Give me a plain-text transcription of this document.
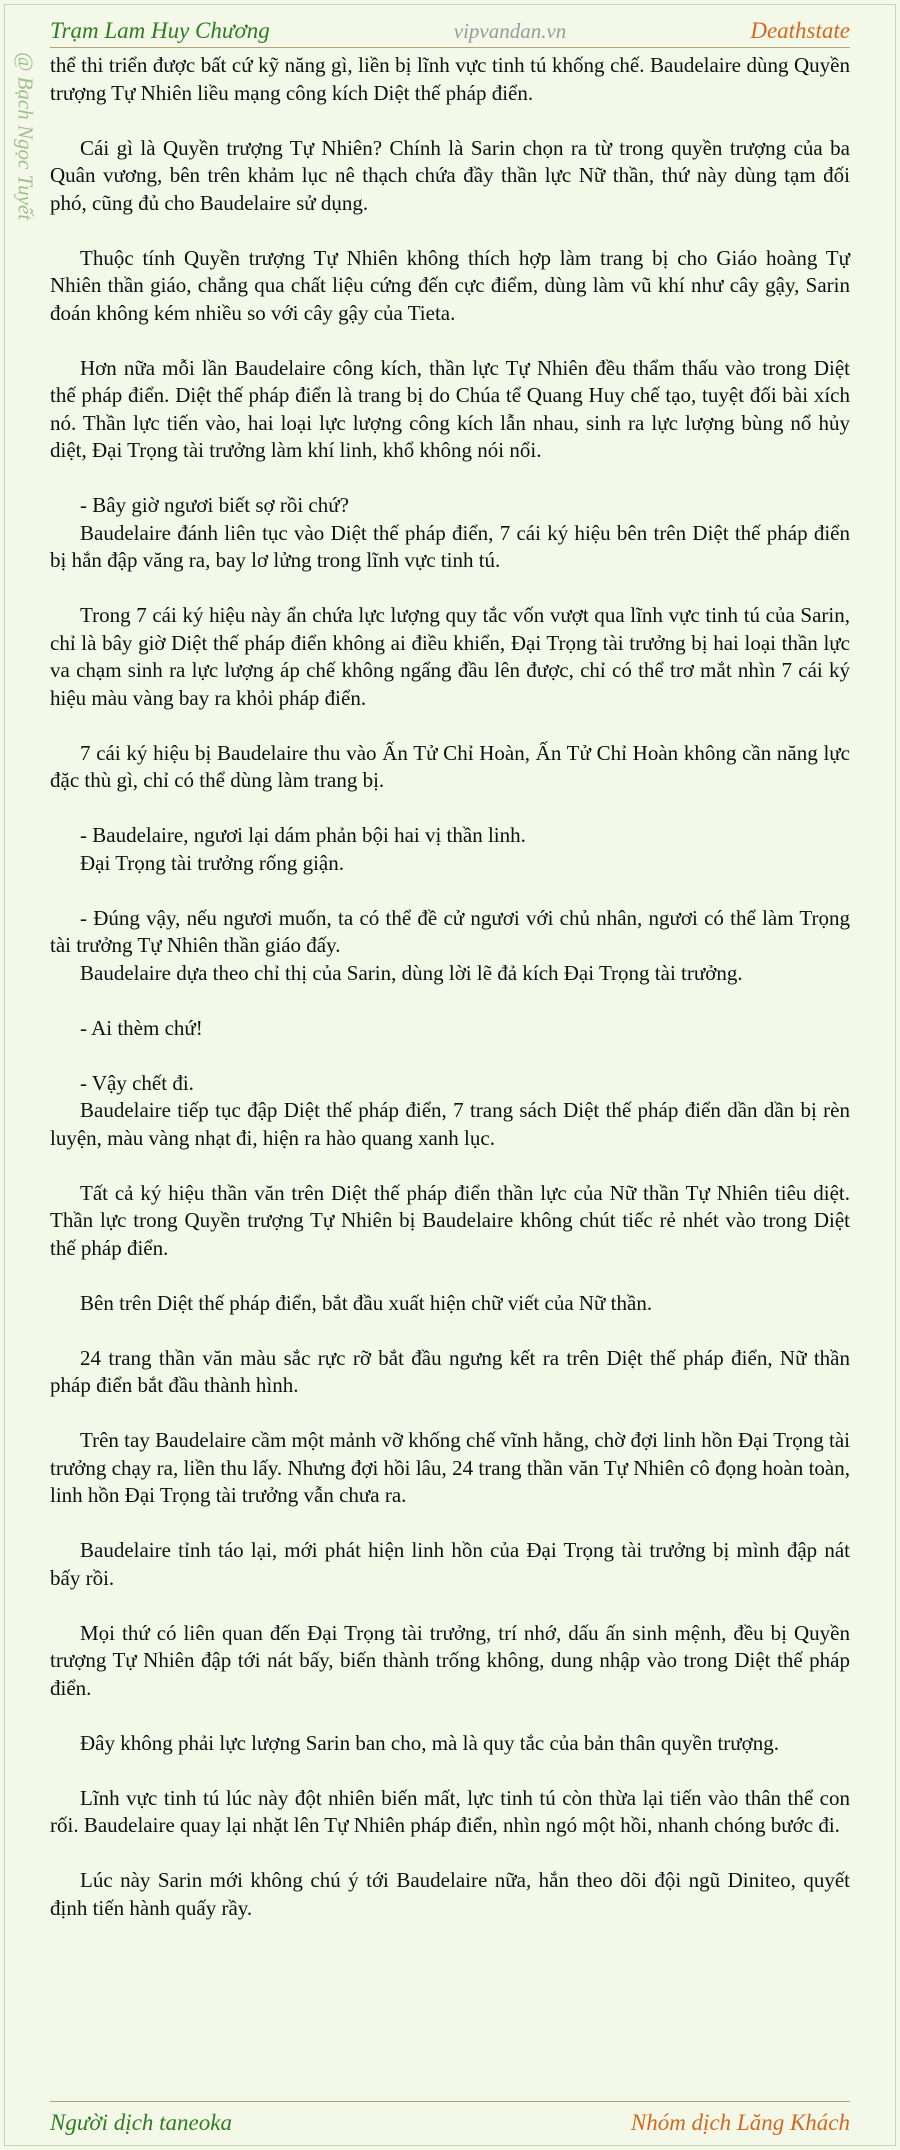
Trạm Lam Huy Chương	vipvandan.vn	Deathstate
@ Bạch Ngọc Tuyết thể thi triển được bất cứ kỹ năng gì, liền bị lĩnh vực tinh tú khống chế. Baudelaire dùng Quyền trượng Tự Nhiên liều mạng công kích Diệt thế pháp điển.

Cái gì là Quyền trượng Tự Nhiên? Chính là Sarin chọn ra từ trong quyền trượng của ba Quân vương, bên trên khảm lục nê thạch chứa đầy thần lực Nữ thần, thứ này dùng tạm đối phó, cũng đủ cho Baudelaire sử dụng.

Thuộc tính Quyền trượng Tự Nhiên không thích hợp làm trang bị cho Giáo hoàng Tự Nhiên thần giáo, chẳng qua chất liệu cứng đến cực điểm, dùng làm vũ khí như cây gậy, Sarin đoán không kém nhiều so với cây gậy của Tieta.

Hơn nữa mỗi lần Baudelaire công kích, thần lực Tự Nhiên đều thẩm thấu vào trong Diệt thế pháp điển. Diệt thế pháp điển là trang bị do Chúa tể Quang Huy chế tạo, tuyệt đối bài xích nó. Thần lực tiến vào, hai loại lực lượng công kích lẫn nhau, sinh ra lực lượng bùng nổ hủy diệt, Đại Trọng tài trưởng làm khí linh, khổ không nói nổi.

- Bây giờ ngươi biết sợ rồi chứ?

Baudelaire đánh liên tục vào Diệt thế pháp điển, 7 cái ký hiệu bên trên Diệt thế pháp điển bị hắn đập văng ra, bay lơ lửng trong lĩnh vực tinh tú.

Trong 7 cái ký hiệu này ẩn chứa lực lượng quy tắc vốn vượt qua lĩnh vực tinh tú của Sarin, chỉ là bây giờ Diệt thế pháp điển không ai điều khiển, Đại Trọng tài trưởng bị hai loại thần lực va chạm sinh ra lực lượng áp chế không ngẩng đầu lên được, chỉ có thể trơ mắt nhìn 7 cái ký hiệu màu vàng bay ra khỏi pháp điển.

7 cái ký hiệu bị Baudelaire thu vào Ấn Tử Chỉ Hoàn, Ấn Tử Chỉ Hoàn không cần năng lực đặc thù gì, chỉ có thể dùng làm trang bị.

- Baudelaire, ngươi lại dám phản bội hai vị thần linh.

Đại Trọng tài trưởng rống giận.

- Đúng vậy, nếu ngươi muốn, ta có thể đề cử ngươi với chủ nhân, ngươi có thể làm Trọng tài trưởng Tự Nhiên thần giáo đấy.

Baudelaire dựa theo chỉ thị của Sarin, dùng lời lẽ đả kích Đại Trọng tài trưởng.

- Ai thèm chứ!

- Vậy chết đi.

Baudelaire tiếp tục đập Diệt thế pháp điển, 7 trang sách Diệt thế pháp điển dần dần bị rèn luyện, màu vàng nhạt đi, hiện ra hào quang xanh lục.

Tất cả ký hiệu thần văn trên Diệt thế pháp điển thần lực của Nữ thần Tự Nhiên tiêu diệt. Thần lực trong Quyền trượng Tự Nhiên bị Baudelaire không chút tiếc rẻ nhét vào trong Diệt thế pháp điển.

Bên trên Diệt thế pháp điển, bắt đầu xuất hiện chữ viết của Nữ thần.

24 trang thần văn màu sắc rực rỡ bắt đầu ngưng kết ra trên Diệt thế pháp điển, Nữ thần pháp điển bắt đầu thành hình.

Trên tay Baudelaire cầm một mảnh vỡ khống chế vĩnh hằng, chờ đợi linh hồn Đại Trọng tài trưởng chạy ra, liền thu lấy. Nhưng đợi hồi lâu, 24 trang thần văn Tự Nhiên cô đọng hoàn toàn, linh hồn Đại Trọng tài trưởng vẫn chưa ra.

Baudelaire tỉnh táo lại, mới phát hiện linh hồn của Đại Trọng tài trưởng bị mình đập nát bấy rồi.

Mọi thứ có liên quan đến Đại Trọng tài trưởng, trí nhớ, dấu ấn sinh mệnh, đều bị Quyền trượng Tự Nhiên đập tới nát bấy, biến thành trống không, dung nhập vào trong Diệt thế pháp điển.

Đây không phải lực lượng Sarin ban cho, mà là quy tắc của bản thân quyền trượng.

Lĩnh vực tinh tú lúc này đột nhiên biến mất, lực tinh tú còn thừa lại tiến vào thân thể con rối. Baudelaire quay lại nhặt lên Tự Nhiên pháp điển, nhìn ngó một hồi, nhanh chóng bước đi.

Lúc này Sarin mới không chú ý tới Baudelaire nữa, hắn theo dõi đội ngũ Diniteo, quyết định tiến hành quấy rầy.

Người dịch taneoka	Nhóm dịch Lăng Khách
